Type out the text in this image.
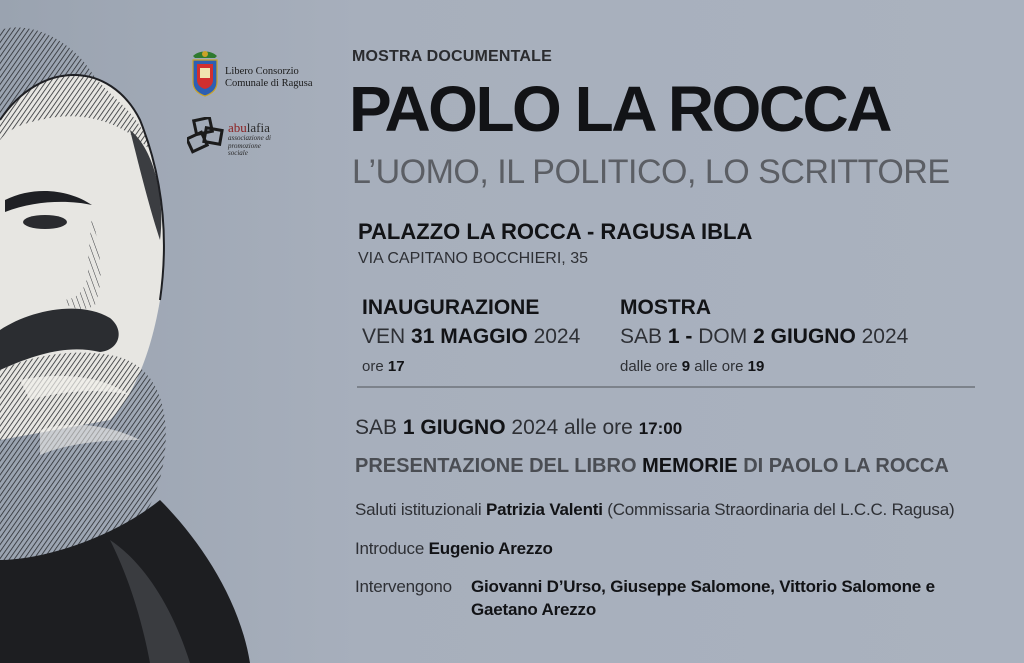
Libero Consorzio
Comunale di Ragusa
abulafia
associazione di
promozione
sociale
MOSTRA DOCUMENTALE
PAOLO LA ROCCA
L’UOMO, IL POLITICO, LO SCRITTORE
PALAZZO LA ROCCA - RAGUSA IBLA
VIA CAPITANO BOCCHIERI, 35
INAUGURAZIONE
VEN 31 MAGGIO 2024
ore 17
MOSTRA
SAB 1 - DOM 2 GIUGNO 2024
dalle ore 9 alle ore 19
SAB 1 GIUGNO 2024 alle ore 17:00
PRESENTAZIONE DEL LIBRO MEMORIE DI PAOLO LA ROCCA
Saluti istituzionali Patrizia Valenti (Commissaria Straordinaria del L.C.C. Ragusa)
Introduce Eugenio Arezzo
Intervengono Giovanni D’Urso, Giuseppe Salomone, Vittorio Salomone e
Gaetano Arezzo
